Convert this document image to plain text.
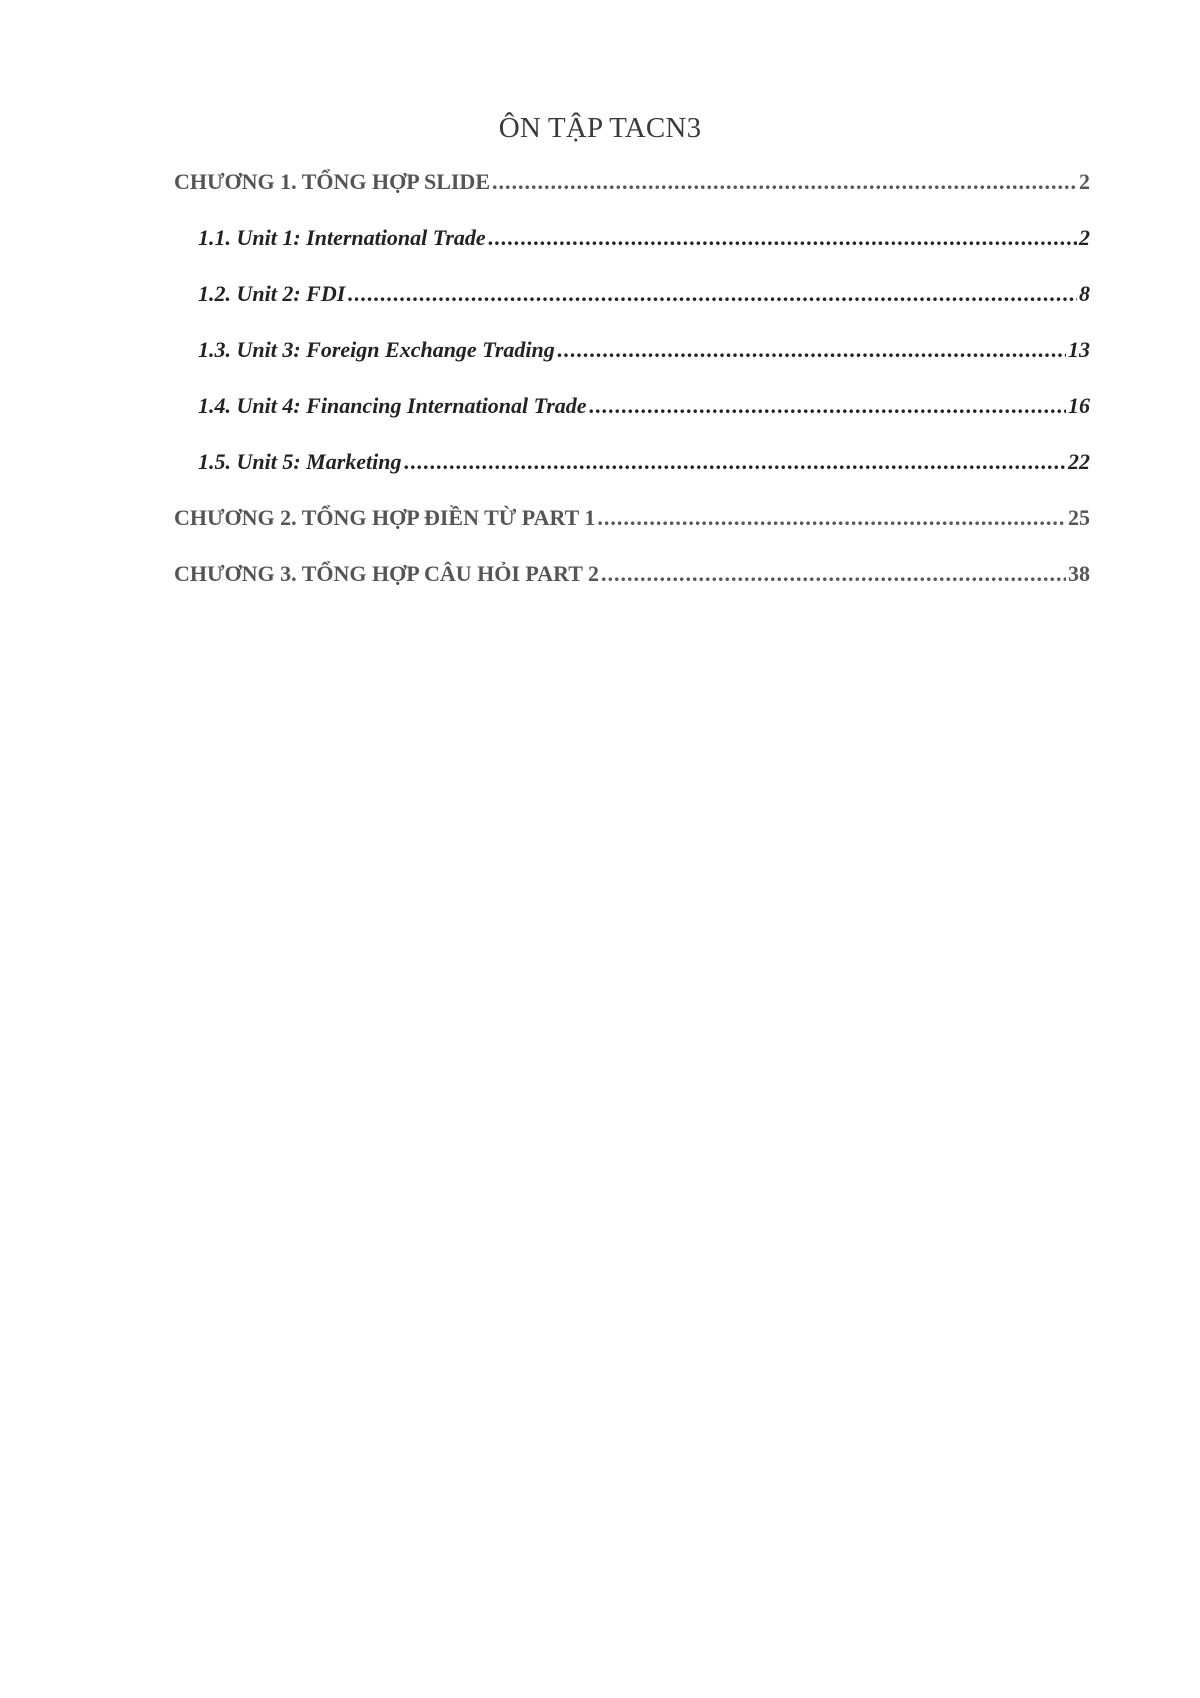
ÔN TẬP TACN3
CHƯƠNG 1. TỔNG HỢP SLIDE .....	2
1.1. Unit 1: International Trade .....	2
1.2. Unit 2: FDI .....	8
1.3. Unit 3: Foreign Exchange Trading .....	13
1.4. Unit 4: Financing International Trade .....	16
1.5. Unit 5: Marketing .....	22
CHƯƠNG 2. TỔNG HỢP ĐIỀN TỪ PART 1 .....	25
CHƯƠNG 3. TỔNG HỢP CÂU HỎI PART 2 .....	38
